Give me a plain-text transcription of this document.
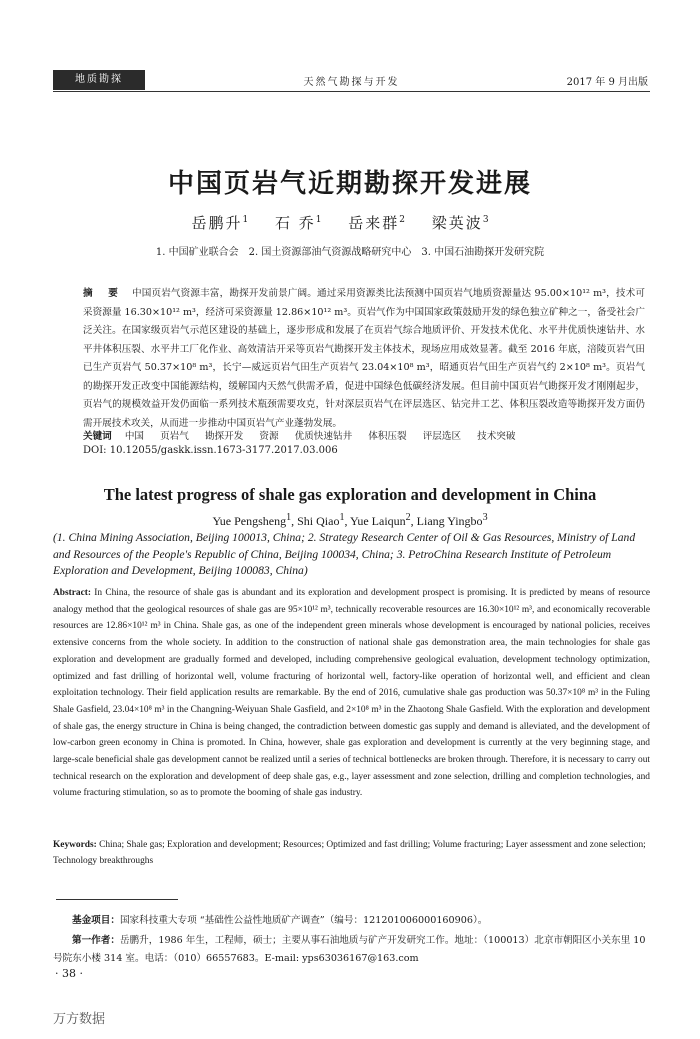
地质勘探	天然气勘探与开发	2017 年 9 月出版
中国页岩气近期勘探开发进展
岳鹏升$^1$ 石 乔$^1$ 岳来群$^2$ 梁英波$^3$
1. 中国矿业联合会　2. 国土资源部油气资源战略研究中心　3. 中国石油勘探开发研究院
摘 要 中国页岩气资源丰富，勘探开发前景广阔。通过采用资源类比法预测中国页岩气地质资源量达 95.00×10¹² m³，技术可采资源量 16.30×10¹² m³，经济可采资源量 12.86×10¹² m³。页岩气作为中国国家政策鼓励开发的绿色独立矿种之一，备受社会广泛关注。在国家级页岩气示范区建设的基础上，逐步形成和发展了在页岩气综合地质评价、开发技术优化、水平井优质快速钻井、水平井体积压裂、水平井工厂化作业、高效清洁开采等页岩气勘探开发主体技术，现场应用成效显著。截至 2016 年底，涪陵页岩气田已生产页岩气 50.37×10⁸ m³，长宁—威远页岩气田生产页岩气 23.04×10⁸ m³，昭通页岩气田生产页岩气约 2×10⁸ m³。页岩气的勘探开发正改变中国能源结构，缓解国内天然气供需矛盾，促进中国绿色低碳经济发展。但目前中国页岩气勘探开发才刚刚起步，页岩气的规模效益开发仍面临一系列技术瓶颈需要攻克，针对深层页岩气在评层选区、钻完井工艺、体积压裂改造等勘探开发方面仍需开展技术攻关，从而进一步推动中国页岩气产业蓬勃发展。
关键词 中国 页岩气 勘探开发 资源 优质快速钻井 体积压裂 评层选区 技术突破
DOI: 10.12055/gaskk.issn.1673-3177.2017.03.006
The latest progress of shale gas exploration and development in China
Yue Pengsheng$^1$, Shi Qiao$^1$, Yue Laiqun$^2$, Liang Yingbo$^3$
(1. China Mining Association, Beijing 100013, China; 2. Strategy Research Center of Oil & Gas Resources, Ministry of Land and Resources of the People's Republic of China, Beijing 100034, China; 3. PetroChina Research Institute of Petroleum Exploration and Development, Beijing 100083, China)
Abstract: In China, the resource of shale gas is abundant and its exploration and development prospect is promising. It is predicted by means of resource analogy method that the geological resources of shale gas are 95×10¹² m³, technically recoverable resources are 16.30×10¹² m³, and economically recoverable resources are 12.86×10¹² m³ in China. Shale gas, as one of the independent green minerals whose development is encouraged by national policies, receives extensive concerns from the whole society. In addition to the construction of national shale gas demonstration area, the main technologies for shale gas exploration and development are gradually formed and developed, including comprehensive geological evaluation, development technology optimization, optimized and fast drilling of horizontal well, volume fracturing of horizontal well, factory-like operation of horizontal well, and efficient and clean exploitation technology. Their field application results are remarkable. By the end of 2016, cumulative shale gas production was 50.37×10⁸ m³ in the Fuling Shale Gasfield, 23.04×10⁸ m³ in the Changning-Weiyuan Shale Gasfield, and 2×10⁸ m³ in the Zhaotong Shale Gasfield. With the exploration and development of shale gas, the energy structure in China is being changed, the contradiction between domestic gas supply and demand is alleviated, and the development of low-carbon green economy in China is promoted. In China, however, shale gas exploration and development is currently at the very beginning stage, and large-scale beneficial shale gas development cannot be realized until a series of technical bottlenecks are broken through. Therefore, it is necessary to carry out technical research on the exploration and development of deep shale gas, e.g., layer assessment and zone selection, drilling and completion technologies, and volume fracturing stimulation, so as to promote the booming of shale gas industry.
Keywords: China; Shale gas; Exploration and development; Resources; Optimized and fast drilling; Volume fracturing; Layer assessment and zone selection; Technology breakthroughs
基金项目：国家科技重大专项 “基础性公益性地质矿产调查”（编号：121201006000160906）。
第一作者：岳鹏升，1986 年生，工程师，硕士；主要从事石油地质与矿产开发研究工作。地址：（100013）北京市朝阳区小关东里 10 号院东小楼 314 室。电话：（010）66557683。E-mail: yps63036167@163.com
· 38 ·
万方数据
